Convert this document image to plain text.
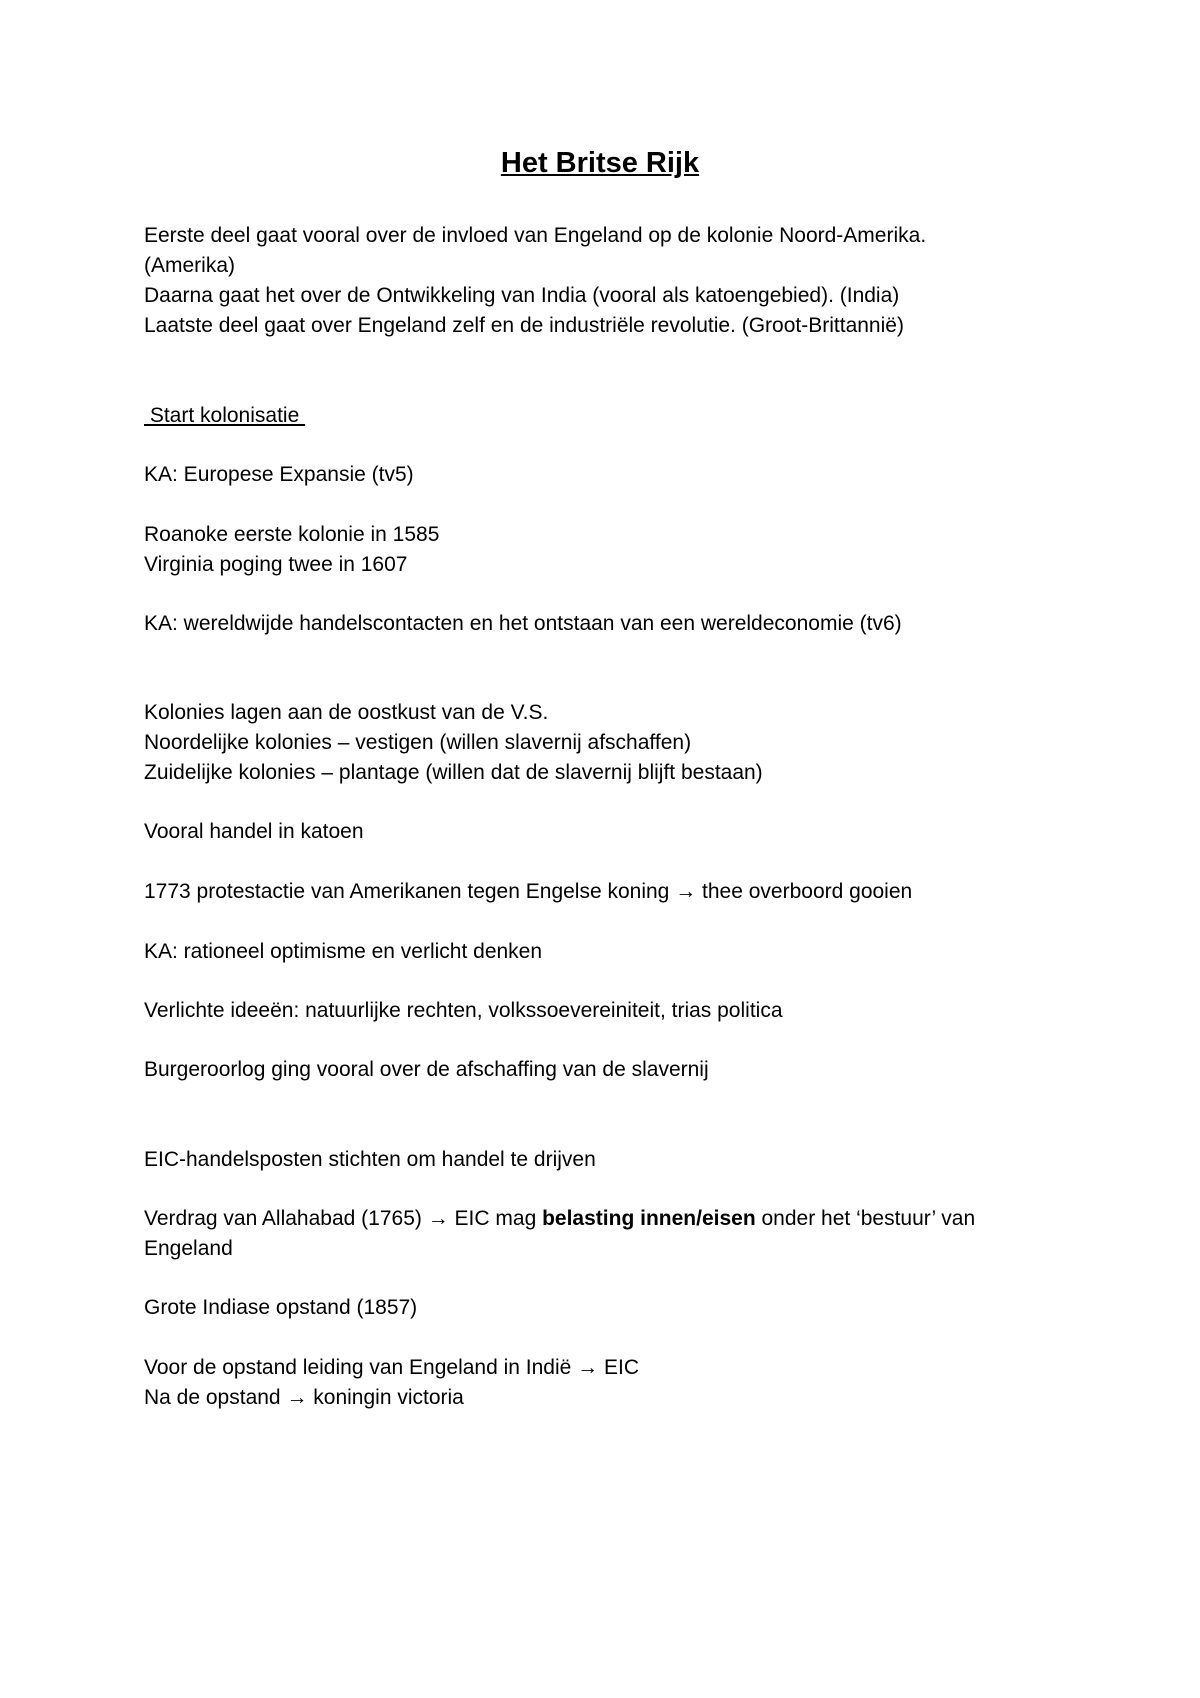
Het Britse Rijk
Eerste deel gaat vooral over de invloed van Engeland op de kolonie Noord-Amerika.
(Amerika)
Daarna gaat het over de Ontwikkeling van India (vooral als katoengebied). (India)
Laatste deel gaat over Engeland zelf en de industriële revolutie. (Groot-Brittannië)
Start kolonisatie
KA: Europese Expansie (tv5)
Roanoke eerste kolonie in 1585
Virginia poging twee in 1607
KA: wereldwijde handelscontacten en het ontstaan van een wereldeconomie (tv6)
Kolonies lagen aan de oostkust van de V.S.
Noordelijke kolonies – vestigen (willen slavernij afschaffen)
Zuidelijke kolonies – plantage (willen dat de slavernij blijft bestaan)
Vooral handel in katoen
1773 protestactie van Amerikanen tegen Engelse koning → thee overboord gooien
KA: rationeel optimisme en verlicht denken
Verlichte ideeën: natuurlijke rechten, volkssoevereiniteit, trias politica
Burgeroorlog ging vooral over de afschaffing van de slavernij
EIC-handelsposten stichten om handel te drijven
Verdrag van Allahabad (1765) → EIC mag belasting innen/eisen onder het ‘bestuur’ van
Engeland
Grote Indiase opstand (1857)
Voor de opstand leiding van Engeland in Indië → EIC
Na de opstand → koningin victoria
